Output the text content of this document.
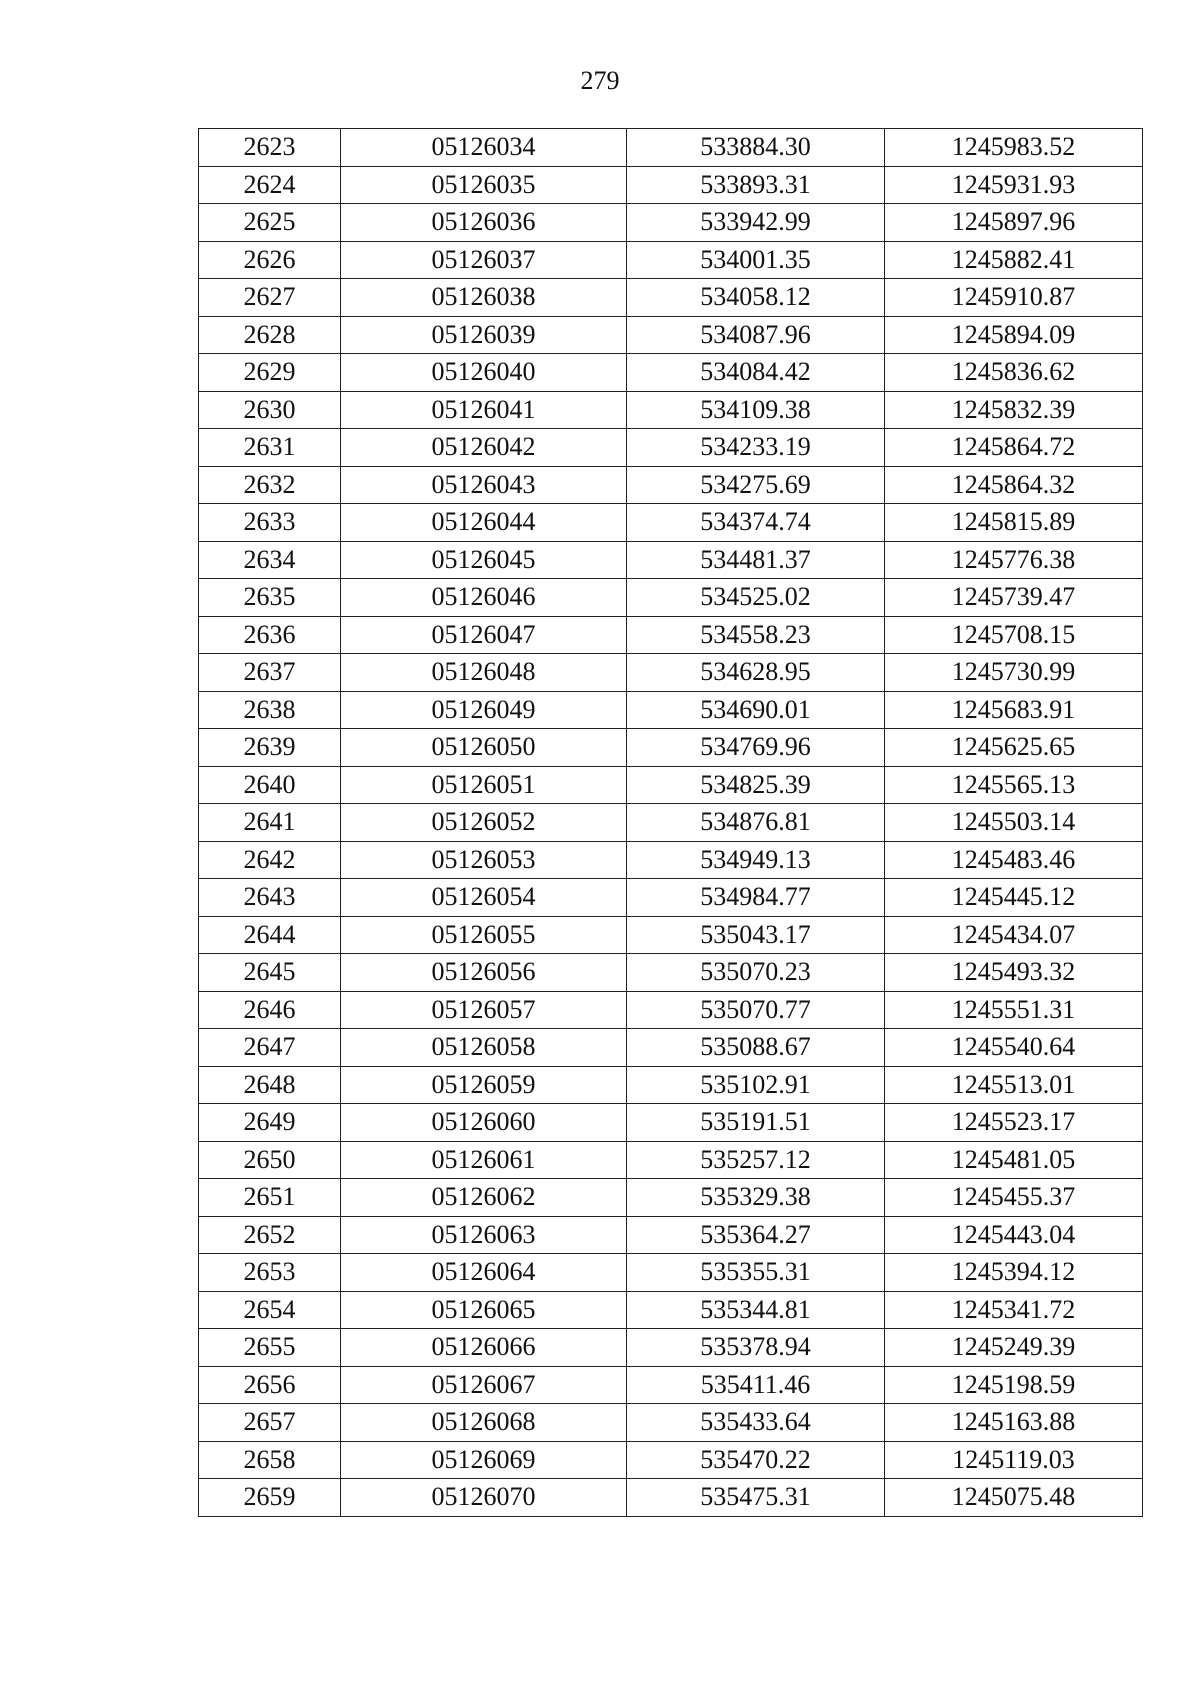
279
2623	05126034	533884.30	1245983.52
2624	05126035	533893.31	1245931.93
2625	05126036	533942.99	1245897.96
2626	05126037	534001.35	1245882.41
2627	05126038	534058.12	1245910.87
2628	05126039	534087.96	1245894.09
2629	05126040	534084.42	1245836.62
2630	05126041	534109.38	1245832.39
2631	05126042	534233.19	1245864.72
2632	05126043	534275.69	1245864.32
2633	05126044	534374.74	1245815.89
2634	05126045	534481.37	1245776.38
2635	05126046	534525.02	1245739.47
2636	05126047	534558.23	1245708.15
2637	05126048	534628.95	1245730.99
2638	05126049	534690.01	1245683.91
2639	05126050	534769.96	1245625.65
2640	05126051	534825.39	1245565.13
2641	05126052	534876.81	1245503.14
2642	05126053	534949.13	1245483.46
2643	05126054	534984.77	1245445.12
2644	05126055	535043.17	1245434.07
2645	05126056	535070.23	1245493.32
2646	05126057	535070.77	1245551.31
2647	05126058	535088.67	1245540.64
2648	05126059	535102.91	1245513.01
2649	05126060	535191.51	1245523.17
2650	05126061	535257.12	1245481.05
2651	05126062	535329.38	1245455.37
2652	05126063	535364.27	1245443.04
2653	05126064	535355.31	1245394.12
2654	05126065	535344.81	1245341.72
2655	05126066	535378.94	1245249.39
2656	05126067	535411.46	1245198.59
2657	05126068	535433.64	1245163.88
2658	05126069	535470.22	1245119.03
2659	05126070	535475.31	1245075.48
